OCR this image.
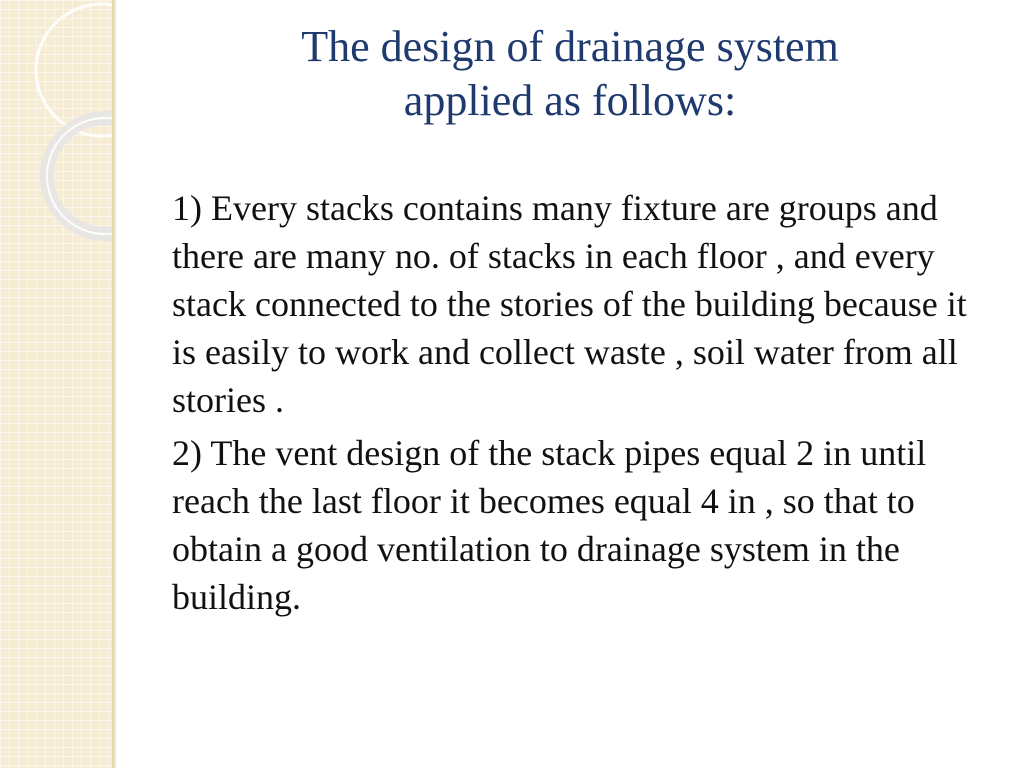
The design of drainage system
applied as follows:

1) Every stacks contains many fixture are groups and there are many no. of stacks in each floor , and every stack connected to the stories of the building because it is easily to work and collect waste , soil water from all stories .

2) The vent design of the stack pipes equal 2 in until reach the last floor it becomes equal 4 in , so that to obtain a good ventilation to drainage system in the building.
